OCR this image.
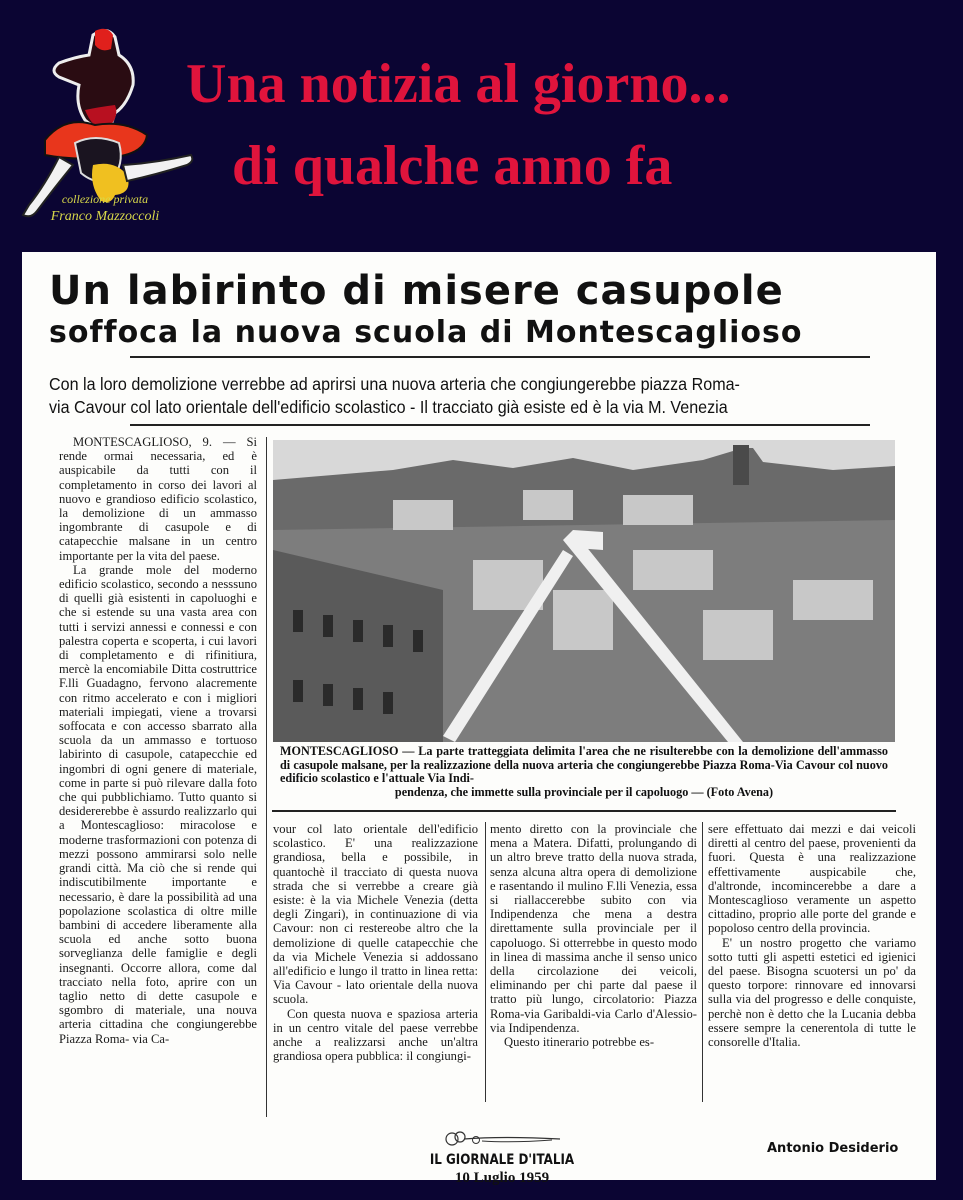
collezione privata
Franco Mazzoccoli
Una notizia al giorno...
di qualche anno fa
Un labirinto di misere casupole
soffoca la nuova scuola di Montescaglioso
Con la loro demolizione verrebbe ad aprirsi una nuova arteria che congiungerebbe piazza Roma-
via Cavour col lato orientale dell'edificio scolastico - Il tracciato già esiste ed è la via M. Venezia

MONTESCAGLIOSO, 9. — Si rende ormai necessaria, ed è auspicabile da tutti con il completamento in corso dei lavori al nuovo e grandioso edificio scolastico, la demolizione di un ammasso ingombrante di casupole e di catapecchie malsane in un centro importante per la vita del paese.

La grande mole del moderno edificio scolastico, secondo a nesssuno di quelli già esistenti in capoluoghi e che si estende su una vasta area con tutti i servizi annessi e connessi e con palestra coperta e scoperta, i cui lavori di completamento e di rifinitiura, mercè la encomiabile Ditta costruttrice F.lli Guadagno, fervono alacremente con ritmo accelerato e con i migliori materiali impiegati, viene a trovarsi soffocata e con accesso sbarrato alla scuola da un ammasso e tortuoso labirinto di casupole, catapecchie ed ingombri di ogni genere di materiale, come in parte si può rilevare dalla foto che qui pubblichiamo. Tutto quanto si desidererebbe è assurdo realizzarlo qui a Montescaglioso: miracolose e moderne trasformazioni con potenza di mezzi possono ammirarsi solo nelle grandi città. Ma ciò che si rende qui indiscutibilmente importante e necessario, è dare la possibilità ad una popolazione scolastica di oltre mille bambini di accedere liberamente alla scuola ed anche sotto buona sorveglianza delle famiglie e degli insegnanti. Occorre allora, come dal tracciato nella foto, aprire con un taglio netto di dette casupole e sgombro di materiale, una nouva arteria cittadina che congiungerebbe Piazza Roma- via Ca-

MONTESCAGLIOSO — La parte tratteggiata delimita l'area che ne risulterebbe con la demolizione dell'ammasso di casupole malsane, per la realizzazione della nuova arteria che congiungerebbe Piazza Roma-Via Cavour col nuovo edificio scolastico e l'attuale Via Indi-
pendenza, che immette sulla provinciale per il capoluogo — (Foto Avena)

vour col lato orientale dell'edificio scolastico. E' una realizzazione grandiosa, bella e possibile, in quantochè il tracciato di questa nuova strada che si verrebbe a creare già esiste: è la via Michele Venezia (detta degli Zingari), in continuazione di via Cavour: non ci restereobe altro che la demolizione di quelle catapecchie che da via Michele Venezia si addossano all'edificio e lungo il tratto in linea retta: Via Cavour - lato orientale della nuova scuola.

Con questa nuova e spaziosa arteria in un centro vitale del paese verrebbe anche a realizzarsi anche un'altra grandiosa opera pubblica: il congiungi-

mento diretto con la provinciale che mena a Matera. Difatti, prolungando di un altro breve tratto della nuova strada, senza alcuna altra opera di demolizione e rasentando il mulino F.lli Venezia, essa si riallaccerebbe subito con via Indipendenza che mena a destra direttamente sulla provinciale per il capoluogo. Si otterrebbe in questo modo in linea di massima anche il senso unico della circolazione dei veicoli, eliminando per chi parte dal paese il tratto più lungo, circolatorio: Piazza Roma-via Garibaldi-via Carlo d'Alessio-via Indipendenza.

Questo itinerario potrebbe es-

sere effettuato dai mezzi e dai veicoli diretti al centro del paese, provenienti da fuori. Questa è una realizzazione effettivamente auspicabile che, d'altronde, incomincerebbe a dare a Montescaglioso veramente un aspetto cittadino, proprio alle porte del grande e popoloso centro della provincia.

E' un nostro progetto che variamo sotto tutti gli aspetti estetici ed igienici del paese. Bisogna scuotersi un po' da questo torpore: rinnovare ed innovarsi sulla via del progresso e delle conquiste, perchè non è detto che la Lucania debba essere sempre la cenerentola di tutte le consorelle d'Italia.

Antonio Desiderio
IL GIORNALE D'ITALIA
10 Luglio 1959
